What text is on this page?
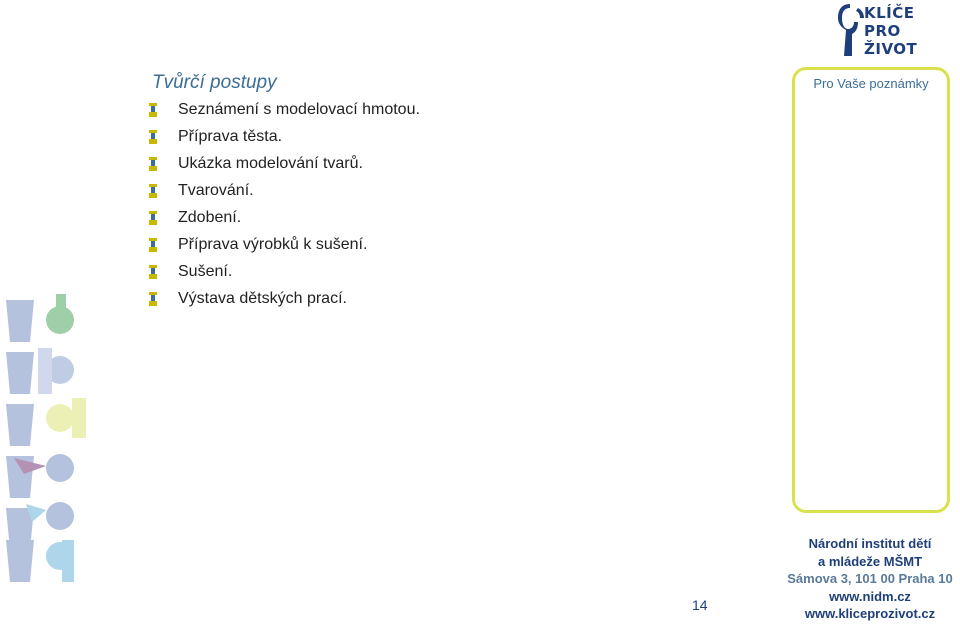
KLÍČE
PRO
ŽIVOT
Tvůrčí postupy
Seznámení s modelovací hmotou.
Příprava těsta.
Ukázka modelování tvarů.
Tvarování.
Zdobení.
Příprava výrobků k sušení.
Sušení.
Výstava dětských prací.
Pro Vaše poznámky
14
Národní institut dětí
a mládeže MŠMT
Sámova 3, 101 00 Praha 10
www.nidm.cz
www.kliceprozivot.cz
